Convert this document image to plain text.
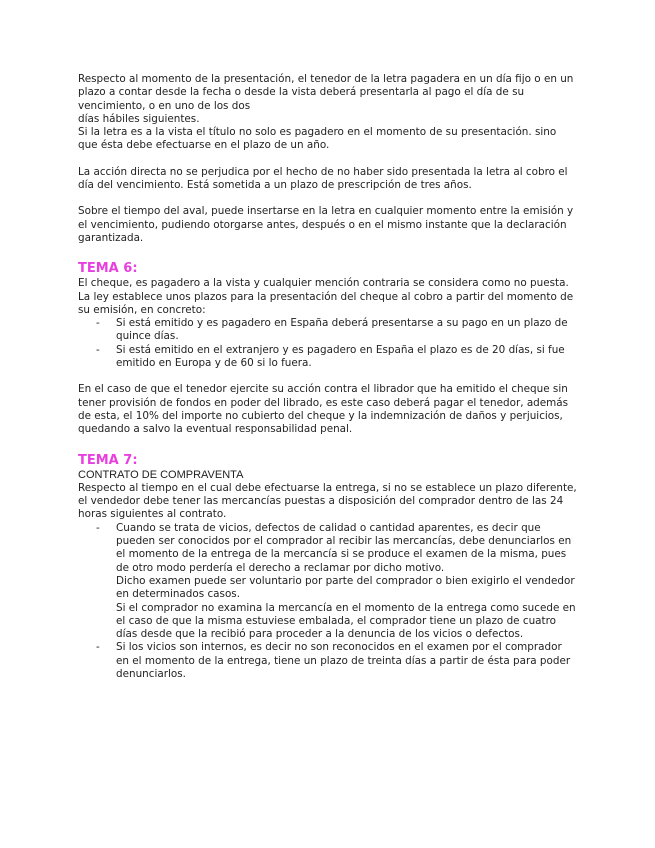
Respecto al momento de la presentación, el tenedor de la letra pagadera en un día fijo o en un plazo a contar desde la fecha o desde la vista deberá presentarla al pago el día de su vencimiento, o en uno de los dos

días hábiles siguientes.

Si la letra es a la vista el título no solo es pagadero en el momento de su presentación. sino que ésta debe efectuarse en el plazo de un año.

La acción directa no se perjudica por el hecho de no haber sido presentada la letra al cobro el día del vencimiento. Está sometida a un plazo de prescripción de tres años.

Sobre el tiempo del aval, puede insertarse en la letra en cualquier momento entre la emisión y el vencimiento, pudiendo otorgarse antes, después o en el mismo instante que la declaración garantizada.

TEMA 6:

El cheque, es pagadero a la vista y cualquier mención contraria se considera como no puesta.

La ley establece unos plazos para la presentación del cheque al cobro a partir del momento de su emisión, en concreto:

- Si está emitido y es pagadero en España deberá presentarse a su pago en un plazo de quince días.
- Si está emitido en el extranjero y es pagadero en España el plazo es de 20 días, si fue emitido en Europa y de 60 si lo fuera.

En el caso de que el tenedor ejercite su acción contra el librador que ha emitido el cheque sin tener provisión de fondos en poder del librado, es este caso deberá pagar el tenedor, además de esta, el 10% del importe no cubierto del cheque y la indemnización de daños y perjuicios, quedando a salvo la eventual responsabilidad penal.

TEMA 7:

CONTRATO DE COMPRAVENTA

Respecto al tiempo en el cual debe efectuarse la entrega, si no se establece un plazo diferente, el vendedor debe tener las mercancías puestas a disposición del comprador dentro de las 24 horas siguientes al contrato.

- Cuando se trata de vicios, defectos de calidad o cantidad aparentes, es decir que pueden ser conocidos por el comprador al recibir las mercancías, debe denunciarlos en el momento de la entrega de la mercancía si se produce el examen de la misma, pues de otro modo perdería el derecho a reclamar por dicho motivo.
Dicho examen puede ser voluntario por parte del comprador o bien exigirlo el vendedor en determinados casos.
Si el comprador no examina la mercancía en el momento de la entrega como sucede en el caso de que la misma estuviese embalada, el comprador tiene un plazo de cuatro días desde que la recibió para proceder a la denuncia de los vicios o defectos.
- Si los vicios son internos, es decir no son reconocidos en el examen por el comprador en el momento de la entrega, tiene un plazo de treinta días a partir de ésta para poder denunciarlos.
